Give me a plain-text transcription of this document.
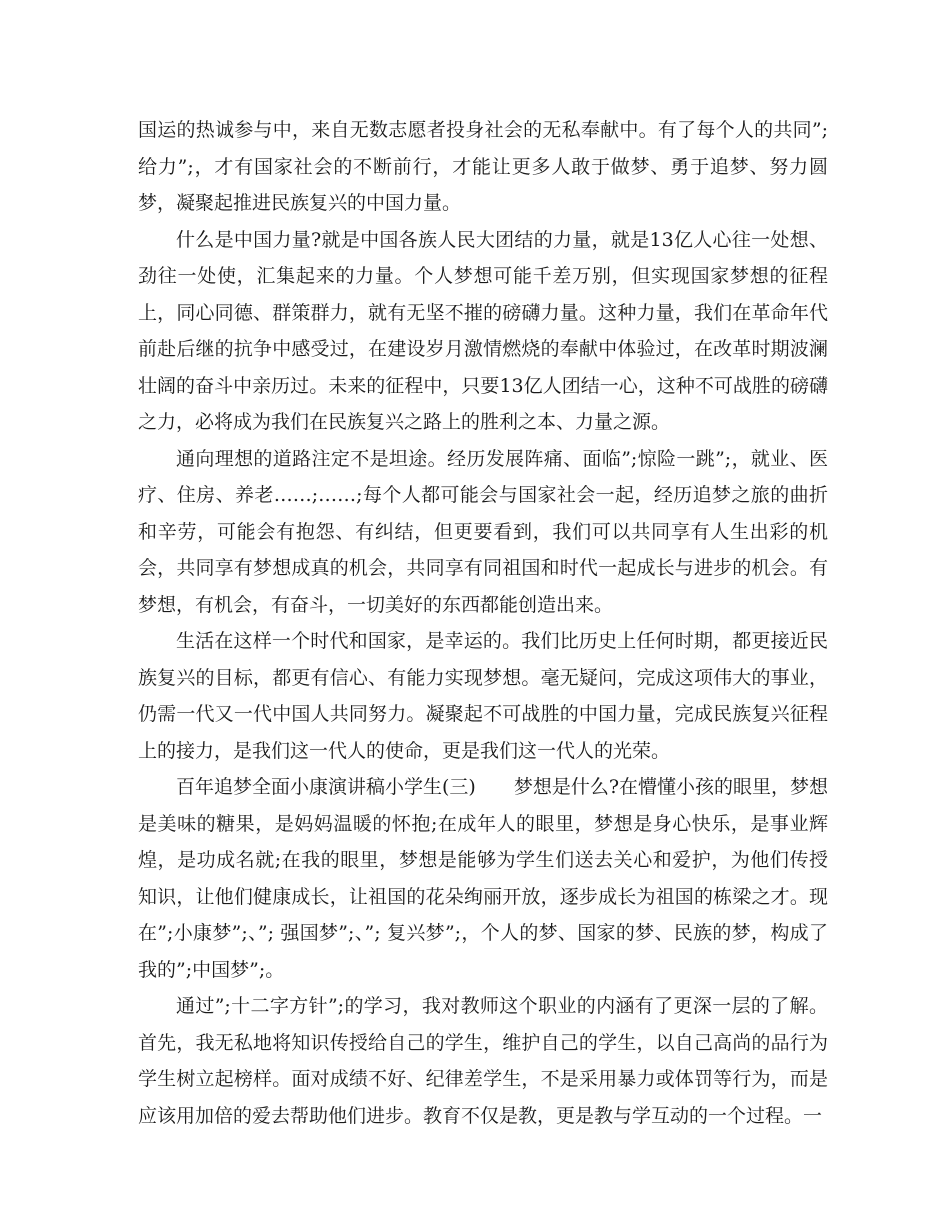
国运的热诚参与中，来自无数志愿者投身社会的无私奉献中。有了每个人的共同”;给力”;，才有国家社会的不断前行，才能让更多人敢于做梦、勇于追梦、努力圆梦，凝聚起推进民族复兴的中国力量。

什么是中国力量?就是中国各族人民大团结的力量，就是13亿人心往一处想、劲往一处使，汇集起来的力量。个人梦想可能千差万别，但实现国家梦想的征程上，同心同德、群策群力，就有无坚不摧的磅礴力量。这种力量，我们在革命年代前赴后继的抗争中感受过，在建设岁月激情燃烧的奉献中体验过，在改革时期波澜壮阔的奋斗中亲历过。未来的征程中，只要13亿人团结一心，这种不可战胜的磅礴之力，必将成为我们在民族复兴之路上的胜利之本、力量之源。

通向理想的道路注定不是坦途。经历发展阵痛、面临”;惊险一跳”;，就业、医疗、住房、养老……;……;每个人都可能会与国家社会一起，经历追梦之旅的曲折和辛劳，可能会有抱怨、有纠结，但更要看到，我们可以共同享有人生出彩的机会，共同享有梦想成真的机会，共同享有同祖国和时代一起成长与进步的机会。有梦想，有机会，有奋斗，一切美好的东西都能创造出来。

生活在这样一个时代和国家，是幸运的。我们比历史上任何时期，都更接近民族复兴的目标，都更有信心、有能力实现梦想。毫无疑问，完成这项伟大的事业，仍需一代又一代中国人共同努力。凝聚起不可战胜的中国力量，完成民族复兴征程上的接力，是我们这一代人的使命，更是我们这一代人的光荣。

百年追梦全面小康演讲稿小学生(三)　　梦想是什么?在懵懂小孩的眼里，梦想是美味的糖果，是妈妈温暖的怀抱;在成年人的眼里，梦想是身心快乐，是事业辉煌，是功成名就;在我的眼里，梦想是能够为学生们送去关心和爱护，为他们传授知识，让他们健康成长，让祖国的花朵绚丽开放，逐步成长为祖国的栋梁之才。现在”;小康梦”;、”; 强国梦”;、”; 复兴梦”;，个人的梦、国家的梦、民族的梦，构成了我的”;中国梦”;。

通过”;十二字方针”;的学习，我对教师这个职业的内涵有了更深一层的了解。首先，我无私地将知识传授给自己的学生，维护自己的学生，以自己高尚的品行为学生树立起榜样。面对成绩不好、纪律差学生，不是采用暴力或体罚等行为，而是应该用加倍的爱去帮助他们进步。教育不仅是教，更是教与学互动的一个过程。一
